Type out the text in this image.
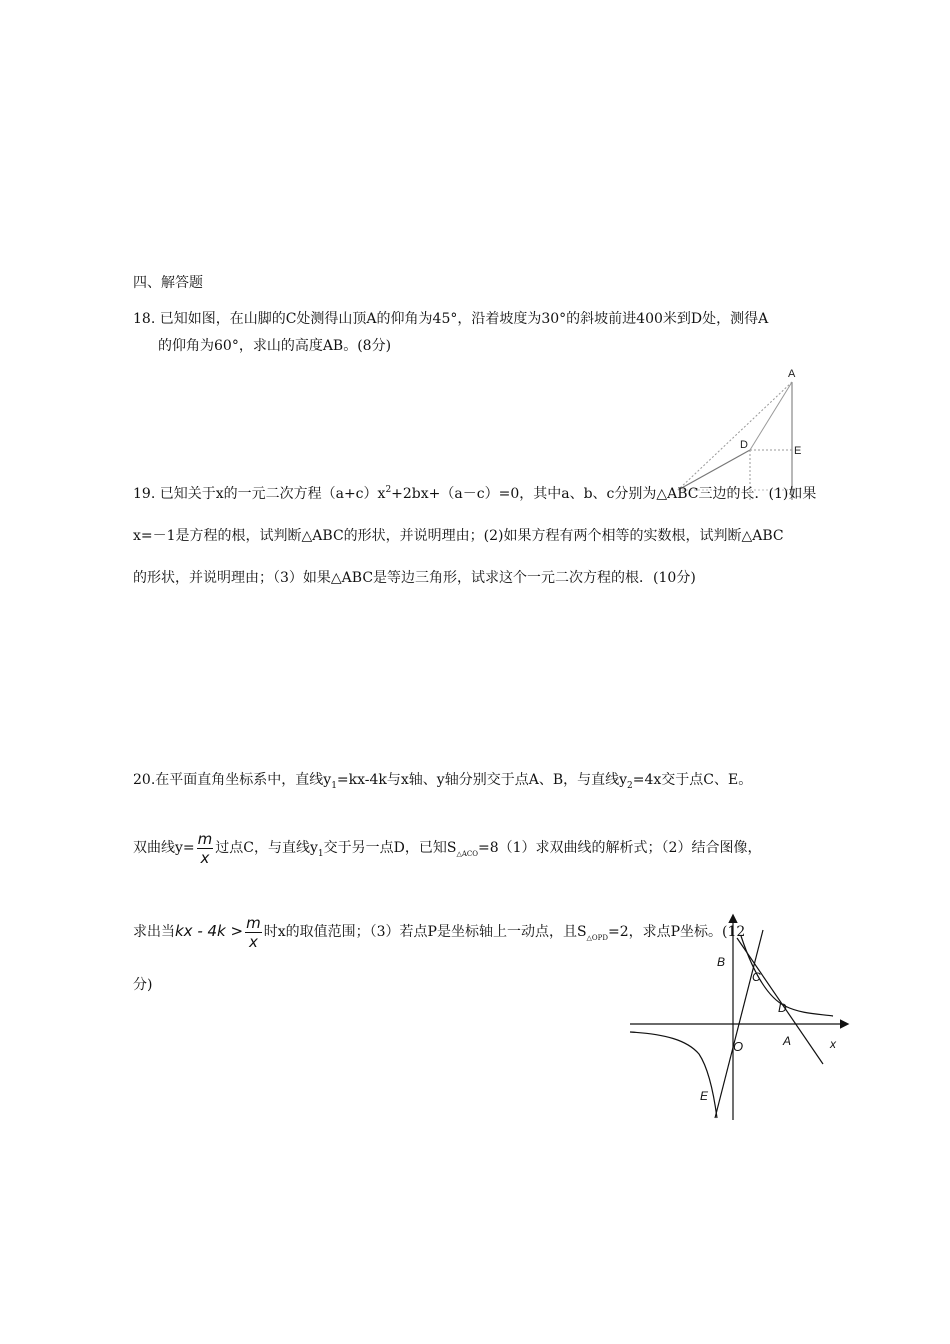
四、解答题
18. 已知如图，在山脚的C处测得山顶A的仰角为45°，沿着坡度为30°的斜坡前进400米到D处，测得A
的仰角为60°，求山的高度AB。(8分)
A
D	E
19. 已知关于x的一元二次方程$(a+c)x^2+2bx+(a-c)=0$，其中a、b、c分别为△ABC三边的长．(1)如果
x=－1是方程的根，试判断△ABC的形状，并说明理由；(2)如果方程有两个相等的实数根，试判断△ABC
的形状，并说明理由；（3）如果△ABC是等边三角形，试求这个一元二次方程的根．(10分)
20.在平面直角坐标系中，直线$y_1=kx-4k$与x轴、y轴分别交于点A、B，与直线$y_2=4x$交于点C、E。
双曲线$y= \frac{m}{x}$ 过点C，与直线$y_1$交于另一点D，已知$S_{\triangle ACO}=8(1)$求双曲线的解析式；（2）结合图像，
求出当kx - $4k > \frac{m}{x}$ 时x的取值范围；（3）若点P是坐标轴上一动点，且$S_{\triangle OPD}=2$，求点P坐标。(12
分)
B
C
D
O	A	x
E
